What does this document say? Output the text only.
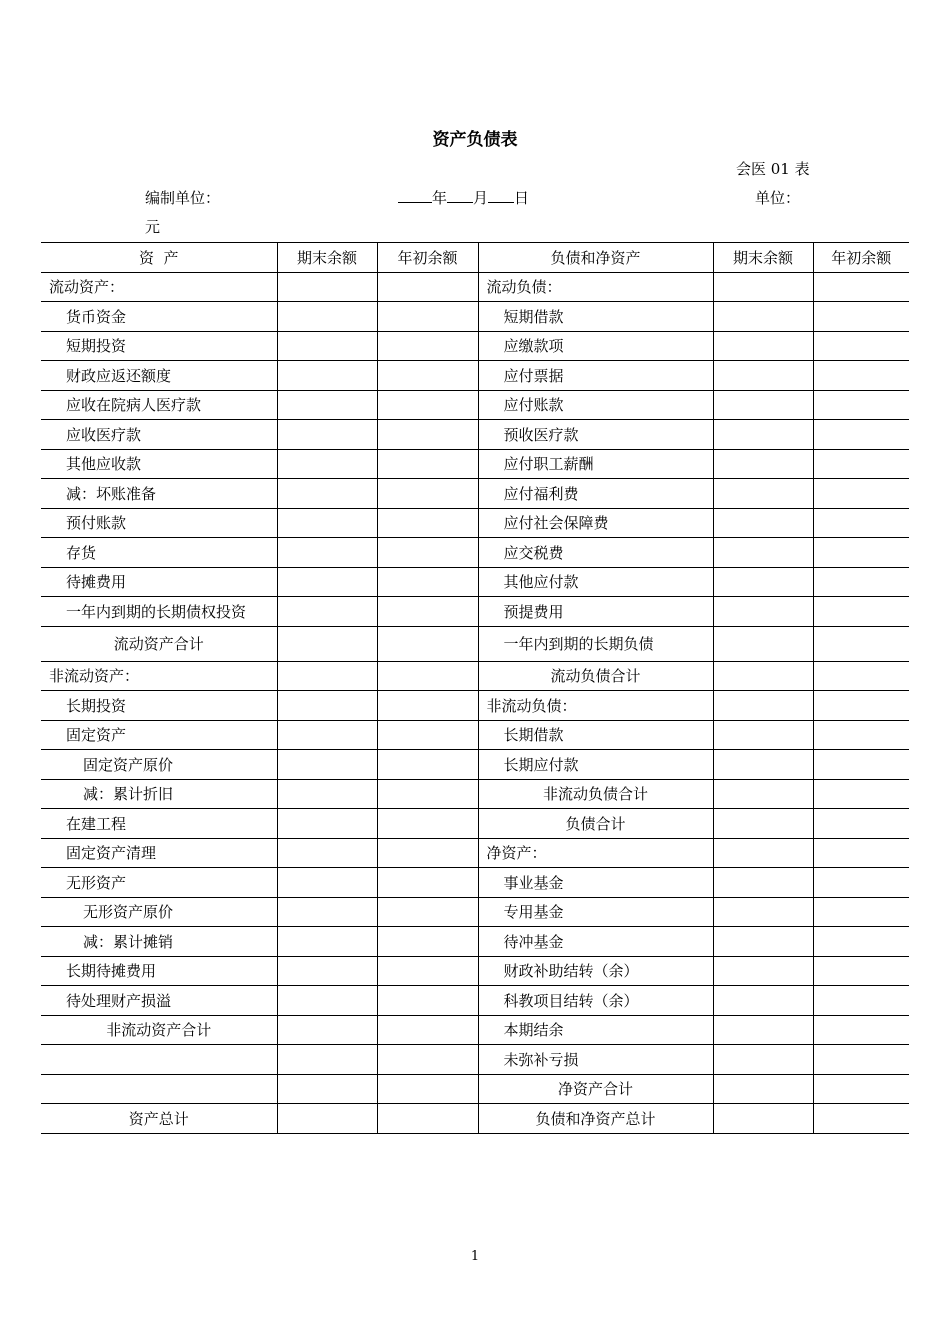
资产负债表
会医 01 表
编制单位：	年 月 日	单位：
元
资  产	期末余额	年初余额	负债和净资产	期末余额	年初余额
流动资产：			流动负债：		
货币资金			短期借款		
短期投资			应缴款项		
财政应返还额度			应付票据		
应收在院病人医疗款			应付账款		
应收医疗款			预收医疗款		
其他应收款			应付职工薪酬		
减：坏账准备			应付福利费		
预付账款			应付社会保障费		
存货			应交税费		
待摊费用			其他应付款		
一年内到期的长期债权投资			预提费用		
流动资产合计			一年内到期的长期负债		
非流动资产：			流动负债合计		
长期投资			非流动负债：		
固定资产			长期借款		
固定资产原价			长期应付款		
减：累计折旧			非流动负债合计		
在建工程			负债合计		
固定资产清理			净资产：		
无形资产			事业基金		
无形资产原价			专用基金		
减：累计摊销			待冲基金		
长期待摊费用			财政补助结转（余）		
待处理财产损溢			科教项目结转（余）		
非流动资产合计			本期结余		
			未弥补亏损		
			净资产合计		
资产总计			负债和净资产总计		
1
